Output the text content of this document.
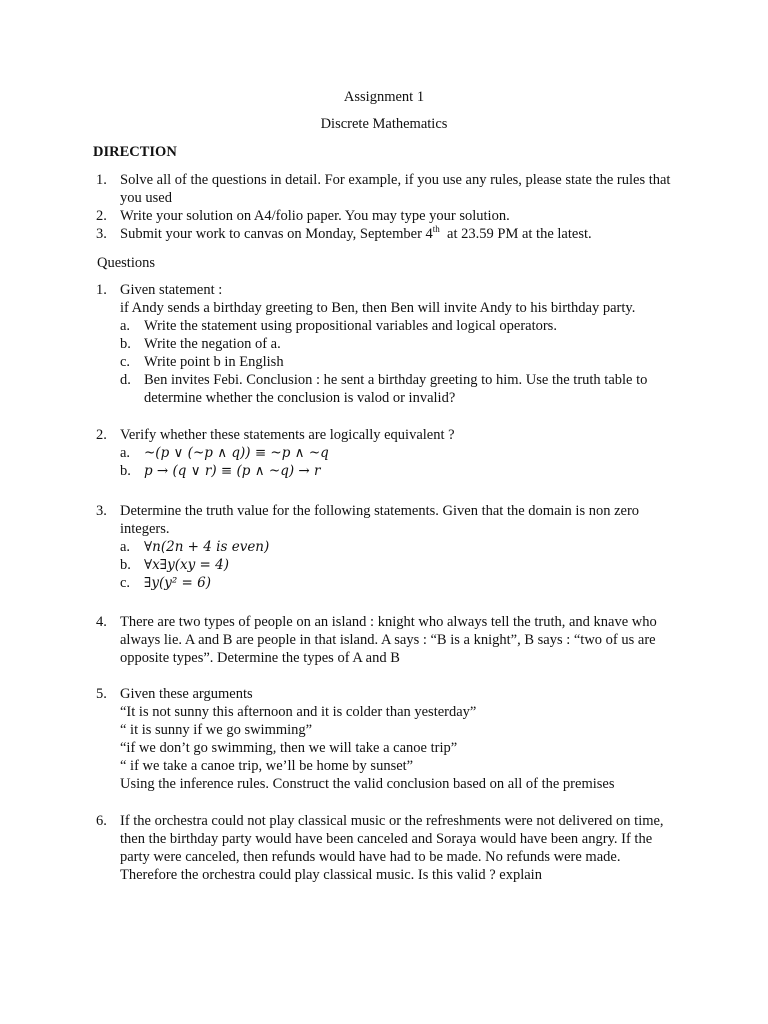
Assignment 1
Discrete Mathematics
DIRECTION
1. Solve all of the questions in detail. For example, if you use any rules, please state the rules that you used
2. Write your solution on A4/folio paper. You may type your solution.
3. Submit your work to canvas on Monday, September 4th  at 23.59 PM at the latest.
Questions
1. Given statement :
if Andy sends a birthday greeting to Ben, then Ben will invite Andy to his birthday party.
a. Write the statement using propositional variables and logical operators.
b. Write the negation of a.
c. Write point b in English
d. Ben invites Febi. Conclusion : he sent a birthday greeting to him. Use the truth table to determine whether the conclusion is valod or invalid?
2. Verify whether these statements are logically equivalent ?
a. ~(p ∨ (~p ∧ q)) ≡ ~p ∧ ~q
b. p → (q ∨ r) ≡ (p ∧ ~q) → r
3. Determine the truth value for the following statements. Given that the domain is non zero integers.
a. ∀n(2n + 4 is even)
b. ∀x∃y(xy = 4)
c. ∃y(y² = 6)
4. There are two types of people on an island : knight who always tell the truth, and knave who always lie. A and B are people in that island. A says : “B is a knight”, B says : “two of us are opposite types”. Determine the types of A and B
5. Given these arguments
“It is not sunny this afternoon and it is colder than yesterday”
“ it is sunny if we go swimming”
“if we don’t go swimming, then we will take a canoe trip”
“ if we take a canoe trip, we’ll be home by sunset”
Using the inference rules. Construct the valid conclusion based on all of the premises
6. If the orchestra could not play classical music or the refreshments were not delivered on time, then the birthday party would have been canceled and Soraya would have been angry. If the party were canceled, then refunds would have had to be made. No refunds were made. Therefore the orchestra could play classical music. Is this valid ? explain
